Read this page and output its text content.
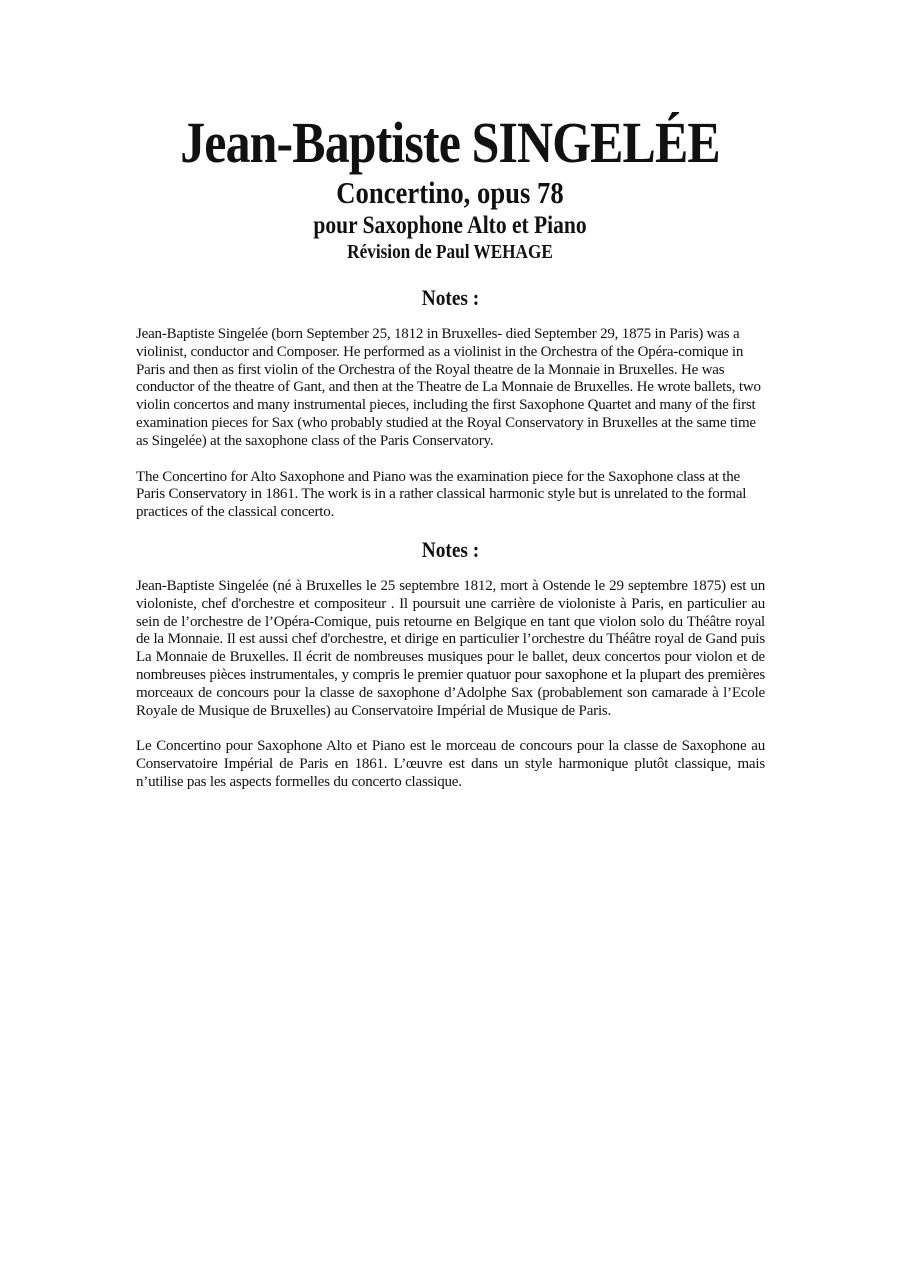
Jean-Baptiste SINGELÉE
Concertino, opus 78
pour Saxophone Alto et Piano
Révision de Paul WEHAGE
Notes :

Jean-Baptiste Singelée (born September 25, 1812 in Bruxelles- died September 29, 1875 in Paris) was a violinist, conductor and Composer. He performed as a violinist in the Orchestra of the Opéra-comique in Paris and then as first violin of the Orchestra of the Royal theatre de la Monnaie in Bruxelles. He was conductor of the theatre of Gant, and then at the Theatre de La Monnaie de Bruxelles. He wrote ballets, two violin concertos and many instrumental pieces, including the first Saxophone Quartet and many of the first examination pieces for Sax (who probably studied at the Royal Conservatory in Bruxelles at the same time as Singelée) at the saxophone class of the Paris Conservatory.

The Concertino for Alto Saxophone and Piano was the examination piece for the Saxophone class at the Paris Conservatory in 1861. The work is in a rather classical harmonic style but is unrelated to the formal practices of the classical concerto.

Notes :

Jean-Baptiste Singelée (né à Bruxelles le 25 septembre 1812, mort à Ostende le 29 septembre 1875) est un violoniste, chef d'orchestre et compositeur . Il poursuit une carrière de violoniste à Paris, en particulier au sein de l’orchestre de l’Opéra-Comique, puis retourne en Belgique en tant que violon solo du Théâtre royal de la Monnaie. Il est aussi chef d'orchestre, et dirige en particulier l’orchestre du Théâtre royal de Gand puis La Monnaie de Bruxelles. Il écrit de nombreuses musiques pour le ballet, deux concertos pour violon et de nombreuses pièces instrumentales, y compris le premier quatuor pour saxophone et la plupart des premières morceaux de concours pour la classe de saxophone d’Adolphe Sax (probablement son camarade à l’Ecole Royale de Musique de Bruxelles) au Conservatoire Impérial de Musique de Paris.

Le Concertino pour Saxophone Alto et Piano est le morceau de concours pour la classe de Saxophone au Conservatoire Impérial de Paris en 1861. L’œuvre est dans un style harmonique plutôt classique, mais n’utilise pas les aspects formelles du concerto classique.
